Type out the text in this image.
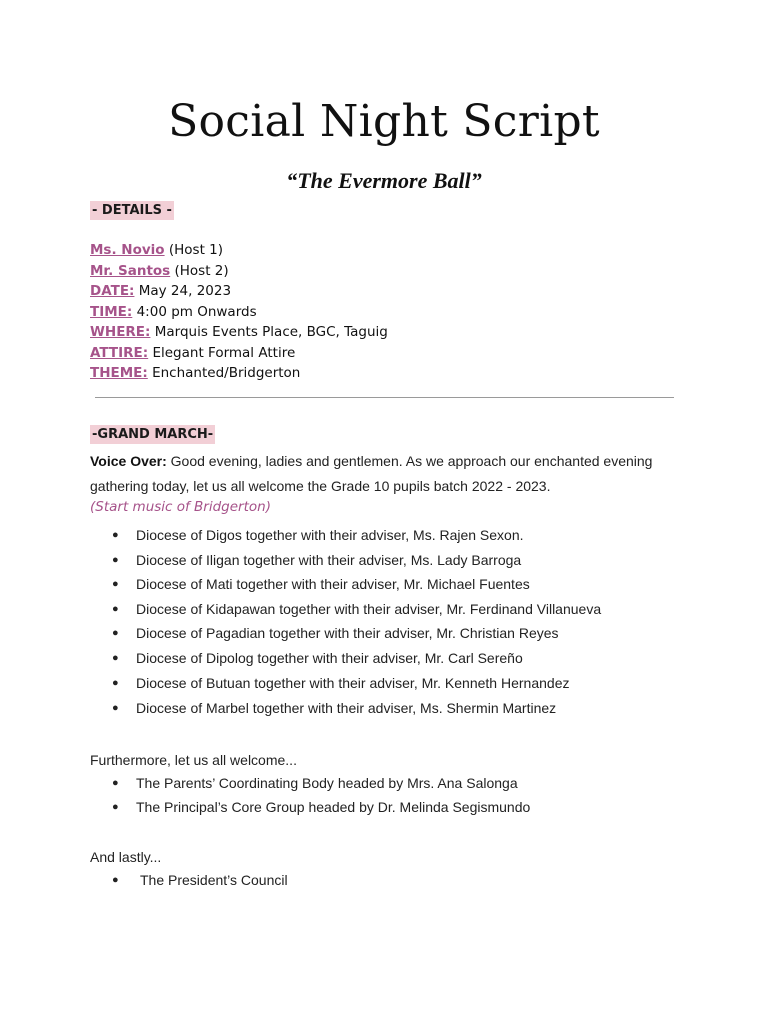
Social Night Script
“The Evermore Ball”
- DETAILS -
Ms. Novio (Host 1)
Mr. Santos (Host 2)
DATE: May 24, 2023
TIME: 4:00 pm Onwards
WHERE: Marquis Events Place, BGC, Taguig
ATTIRE: Elegant Formal Attire
THEME: Enchanted/Bridgerton
-GRAND MARCH-
Voice Over: Good evening, ladies and gentlemen. As we approach our enchanted evening gathering today, let us all welcome the Grade 10 pupils batch 2022 - 2023.
(Start music of Bridgerton)
● Diocese of Digos together with their adviser, Ms. Rajen Sexon.
● Diocese of Iligan together with their adviser, Ms. Lady Barroga
● Diocese of Mati together with their adviser, Mr. Michael Fuentes
● Diocese of Kidapawan together with their adviser, Mr. Ferdinand Villanueva
● Diocese of Pagadian together with their adviser, Mr. Christian Reyes
● Diocese of Dipolog together with their adviser, Mr. Carl Sereño
● Diocese of Butuan together with their adviser, Mr. Kenneth Hernandez
● Diocese of Marbel together with their adviser, Ms. Shermin Martinez
Furthermore, let us all welcome...
● The Parents’ Coordinating Body headed by Mrs. Ana Salonga
● The Principal’s Core Group headed by Dr. Melinda Segismundo
And lastly...
● The President’s Council
